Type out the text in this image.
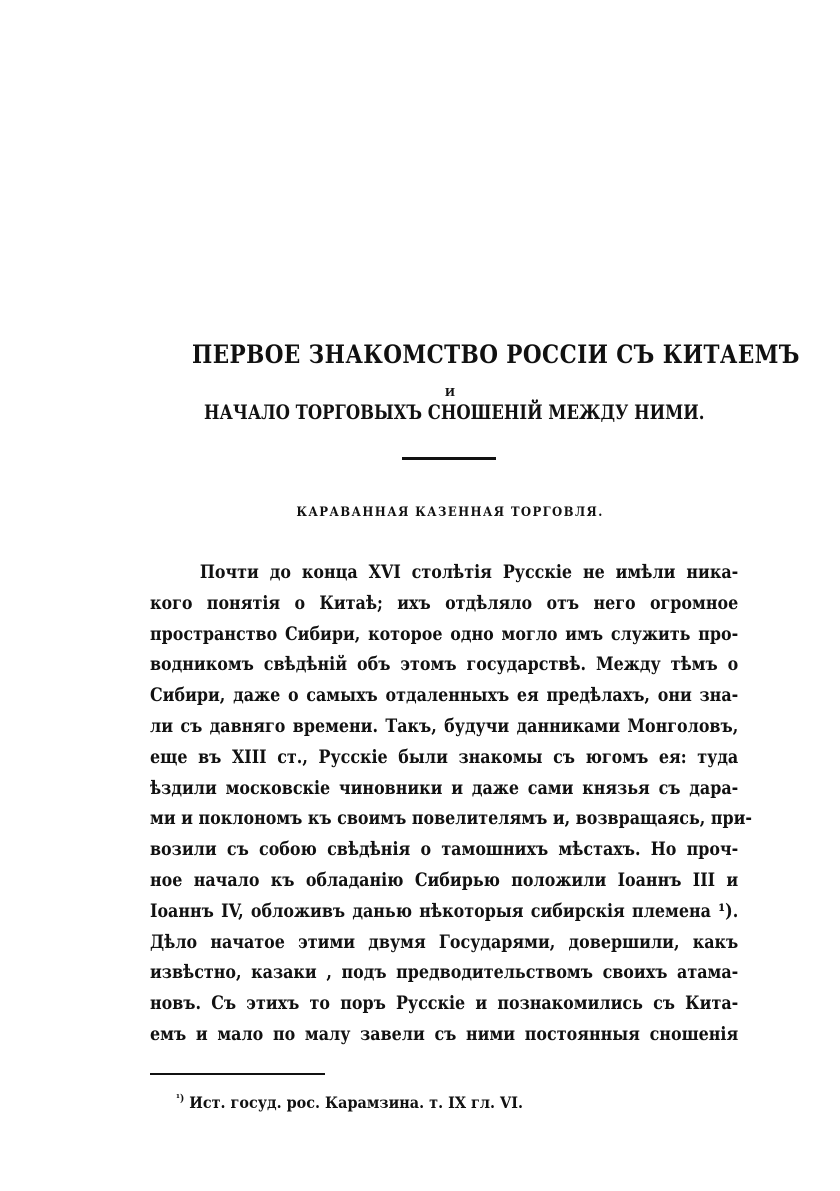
ПЕРВОЕ ЗНАКОМСТВО РОССIИ СЪ КИТАЕМЪ
И
НАЧАЛО ТОРГОВЫХЪ СНОШЕНIЙ МЕЖДУ НИМИ.
КАРАВАННАЯ КАЗЕННАЯ ТОРГОВЛЯ.
Почти до конца XVI столѣтiя Русскiе не имѣли ника-
кого понятiя о Китаѣ; ихъ отдѣляло отъ него огромное
пространство Сибири, которое одно могло имъ служить про-
водникомъ свѣдѣнiй объ этомъ государствѣ. Между тѣмъ о
Сибири, даже о самыхъ отдаленныхъ ея предѣлахъ, они зна-
ли съ давняго времени. Такъ, будучи данниками Монголовъ,
еще въ XIII ст., Русскiе были знакомы съ югомъ ея: туда
ѣздили московскiе чиновники и даже сами князья съ дара-
ми и поклономъ къ своимъ повелителямъ и, возвращаясь, при-
возили съ собою свѣдѣнiя о тамошнихъ мѣстахъ. Но проч-
ное начало къ обладанiю Сибирью положили Iоаннъ III и
Iоаннъ IV, обложивъ данью нѣкоторыя сибирскiя племена ¹).
Дѣло начатое этими двумя Государями, довершили, какъ
извѣстно, казаки , подъ предводительствомъ своихъ атама-
новъ. Съ этихъ то поръ Русскiе и познакомились съ Кита-
емъ и мало по малу завели съ ними постоянныя сношенiя
$^{^1)}$ Ист. госуд. рос. Карамзина. т. IX гл. VI.
